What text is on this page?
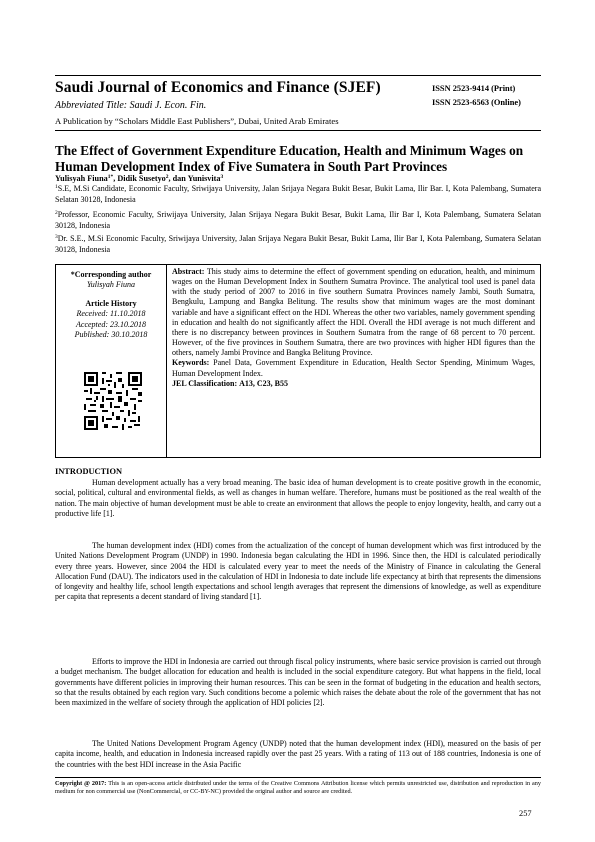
Saudi Journal of Economics and Finance (SJEF)
Abbreviated Title: Saudi J. Econ. Fin.
A Publication by “Scholars Middle East Publishers”, Dubai, United Arab Emirates
ISSN 2523-9414 (Print)
ISSN 2523-6563 (Online)
The Effect of Government Expenditure Education, Health and Minimum Wages on Human Development Index of Five Sumatera in South Part Provinces
Yulisyah Fiuna$^{1*}$, Didik Susetyo$^2$, dan Yunisvita$^3$
$^1$S.E, M.Si Candidate, Economic Faculty, Sriwijaya University, Jalan Srijaya Negara Bukit Besar, Bukit Lama, Ilir Bar. I, Kota Palembang, Sumatera Selatan 30128, Indonesia
$^2$Professor, Economic Faculty, Sriwijaya University, Jalan Srijaya Negara Bukit Besar, Bukit Lama, Ilir Bar I, Kota Palembang, Sumatera Selatan 30128, Indonesia
$^3$Dr. S.E., M.Si Economic Faculty, Sriwijaya University, Jalan Srijaya Negara Bukit Besar, Bukit Lama, Ilir Bar I, Kota Palembang, Sumatera Selatan 30128, Indonesia
*Corresponding author
Yulisyah Fiuna
Article History
Received: 11.10.2018
Accepted: 23.10.2018
Published: 30.10.2018
Abstract: This study aims to determine the effect of government spending on education, health, and minimum wages on the Human Development Index in Southern Sumatra Province. The analytical tool used is panel data with the study period of 2007 to 2016 in five southern Sumatra Provinces namely Jambi, South Sumatra, Bengkulu, Lampung and Bangka Belitung. The results show that minimum wages are the most dominant variable and have a significant effect on the HDI. Whereas the other two variables, namely government spending in education and health do not significantly affect the HDI. Overall the HDI average is not much different and there is no discrepancy between provinces in Southern Sumatra from the range of 68 percent to 70 percent. However, of the five provinces in Southern Sumatra, there are two provinces with higher HDI figures than the others, namely Jambi Province and Bangka Belitung Province.
Keywords: Panel Data, Government Expenditure in Education, Health Sector Spending, Minimum Wages, Human Development Index.
JEL Classification: A13, C23, B55
INTRODUCTION
Human development actually has a very broad meaning. The basic idea of human development is to create positive growth in the economic, social, political, cultural and environmental fields, as well as changes in human welfare. Therefore, humans must be positioned as the real wealth of the nation. The main objective of human development must be able to create an environment that allows the people to enjoy longevity, health, and carry out a productive life [1].
The human development index (HDI) comes from the actualization of the concept of human development which was first introduced by the United Nations Development Program (UNDP) in 1990. Indonesia began calculating the HDI in 1996. Since then, the HDI is calculated periodically every three years. However, since 2004 the HDI is calculated every year to meet the needs of the Ministry of Finance in calculating the General Allocation Fund (DAU). The indicators used in the calculation of HDI in Indonesia to date include life expectancy at birth that represents the dimensions of longevity and healthy life, school length expectations and school length averages that represent the dimensions of knowledge, as well as expenditure per capita that represents a decent standard of living standard [1].
Efforts to improve the HDI in Indonesia are carried out through fiscal policy instruments, where basic service provision is carried out through a budget mechanism. The budget allocation for education and health is included in the social expenditure category. But what happens in the field, local governments have different policies in improving their human resources. This can be seen in the format of budgeting in the education and health sectors, so that the results obtained by each region vary. Such conditions become a polemic which raises the debate about the role of the government that has not been maximized in the welfare of society through the application of HDI policies [2].
The United Nations Development Program Agency (UNDP) noted that the human development index (HDI), measured on the basis of per capita income, health, and education in Indonesia increased rapidly over the past 25 years. With a rating of 113 out of 188 countries, Indonesia is one of the countries with the best HDI increase in the Asia Pacific
Copyright @ 2017: This is an open-access article distributed under the terms of the Creative Commons Attribution license which permits unrestricted use, distribution and reproduction in any medium for non commercial use (NonCommercial, or CC-BY-NC) provided the original author and source are credited.
257
